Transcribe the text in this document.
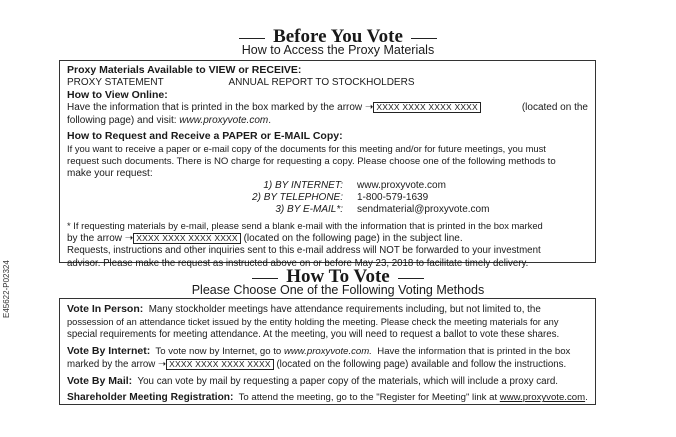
Before You Vote
How to Access the Proxy Materials
Proxy Materials Available to VIEW or RECEIVE:
PROXY STATEMENT	ANNUAL REPORT TO STOCKHOLDERS
How to View Online:
Have the information that is printed in the box marked by the arrow ➝ XXXX XXXX XXXX XXXX	(located on the
following page) and visit: www.proxyvote.com.
How to Request and Receive a PAPER or E-MAIL Copy:
If you want to receive a paper or e-mail copy of the documents for this meeting and/or for future meetings, you must
request such documents. There is NO charge for requesting a copy. Please choose one of the following methods to
make your request:
1) BY INTERNET:	www.proxyvote.com
2) BY TELEPHONE:	1-800-579-1639
3) BY E-MAIL*:	sendmaterial@proxyvote.com
* If requesting materials by e-mail, please send a blank e-mail with the information that is printed in the box marked
by the arrow ➝ XXXX XXXX XXXX XXXX (located on the following page) in the subject line.
Requests, instructions and other inquiries sent to this e-mail address will NOT be forwarded to your investment
advisor. Please make the request as instructed above on or before May 23, 2018 to facilitate timely delivery.
How To Vote
Please Choose One of the Following Voting Methods
Vote In Person: Many stockholder meetings have attendance requirements including, but not limited to, the
possession of an attendance ticket issued by the entity holding the meeting. Please check the meeting materials for any
special requirements for meeting attendance. At the meeting, you will need to request a ballot to vote these shares.
Vote By Internet: To vote now by Internet, go to www.proxyvote.com. Have the information that is printed in the box
marked by the arrow ➝ XXXX XXXX XXXX XXXX (located on the following page) available and follow the instructions.
Vote By Mail: You can vote by mail by requesting a paper copy of the materials, which will include a proxy card.
Shareholder Meeting Registration: To attend the meeting, go to the "Register for Meeting" link at www.proxyvote.com.
E45622-P02324
